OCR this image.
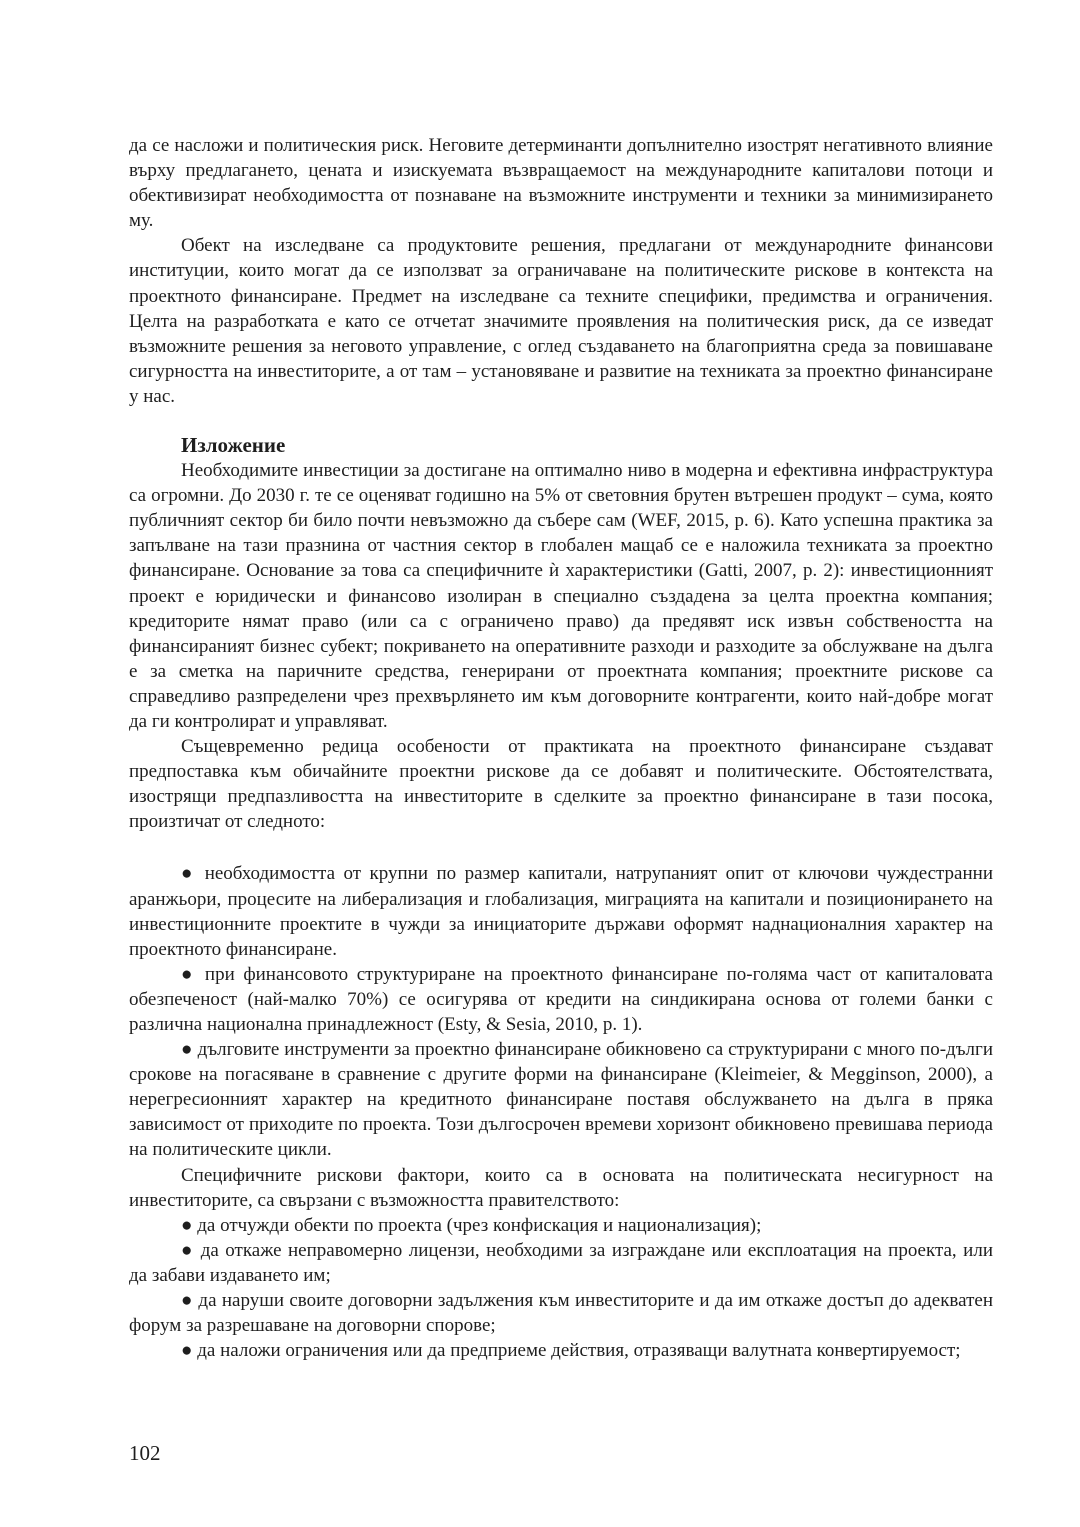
да се насложи и политическия риск. Неговите детерминанти допълнително изострят негативното влияние върху предлагането, цената и изискуемата възвращаемост на международните капиталови потоци и обективизират необходимостта от познаване на възможните инструменти и техники за минимизирането му.

Обект на изследване са продуктовите решения, предлагани от международните финансови институции, които могат да се използват за ограничаване на политическите рискове в контекста на проектното финансиране. Предмет на изследване са техните специфики, предимства и ограничения. Целта на разработката е като се отчетат значимите проявления на политическия риск, да се изведат възможните решения за неговото управление, с оглед създаването на благоприятна среда за повишаване сигурността на инвеститорите, а от там – установяване и развитие на техниката за проектно финансиране у нас.

Изложение

Необходимите инвестиции за достигане на оптимално ниво в модерна и ефективна инфраструктура са огромни. До 2030 г. те се оценяват годишно на 5% от световния брутен вътрешен продукт – сума, която публичният сектор би било почти невъзможно да събере сам (WEF, 2015, p. 6). Като успешна практика за запълване на тази празнина от частния сектор в глобален мащаб се е наложила техниката за проектно финансиране. Основание за това са специфичните ѝ характеристики (Gatti, 2007, p. 2): инвестиционният проект е юридически и финансово изолиран в специално създадена за целта проектна компания; кредиторите нямат право (или са с ограничено право) да предявят иск извън собствеността на финансираният бизнес субект; покриването на оперативните разходи и разходите за обслужване на дълга е за сметка на паричните средства, генерирани от проектната компания; проектните рискове са справедливо разпределени чрез прехвърлянето им към договорните контрагенти, които най-добре могат да ги контролират и управляват.

Същевременно редица особености от практиката на проектното финансиране създават предпоставка към обичайните проектни рискове да се добавят и политическите. Обстоятелствата, изострящи предпазливостта на инвеститорите в сделките за проектно финансиране в тази посока, произтичат от следното:

● необходимостта от крупни по размер капитали, натрупаният опит от ключови чуждестранни аранжьори, процесите на либерализация и глобализация, миграцията на капитали и позиционирането на инвестиционните проектите в чужди за инициаторите държави оформят наднационалния характер на проектното финансиране.

● при финансовото структуриране на проектното финансиране по-голяма част от капиталовата обезпеченост (най-малко 70%) се осигурява от кредити на синдикирана основа от големи банки с различна национална принадлежност (Esty, & Sesia, 2010, p. 1).

● дълговите инструменти за проектно финансиране обикновено са структурирани с много по-дълги срокове на погасяване в сравнение с другите форми на финансиране (Kleimeier, & Megginson, 2000), а нерегресионният характер на кредитното финансиране поставя обслужването на дълга в пряка зависимост от приходите по проекта. Този дългосрочен времеви хоризонт обикновено превишава периода на политическите цикли.

Специфичните рискови фактори, които са в основата на политическата несигурност на инвеститорите, са свързани с възможността правителството:

● да отчужди обекти по проекта (чрез конфискация и национализация);

● да откаже неправомерно лицензи, необходими за изграждане или експлоатация на проекта, или да забави издаването им;

● да наруши своите договорни задължения към инвеститорите и да им откаже достъп до адекватен форум за разрешаване на договорни спорове;

● да наложи ограничения или да предприеме действия, отразяващи валутната конвертируемост;

102
